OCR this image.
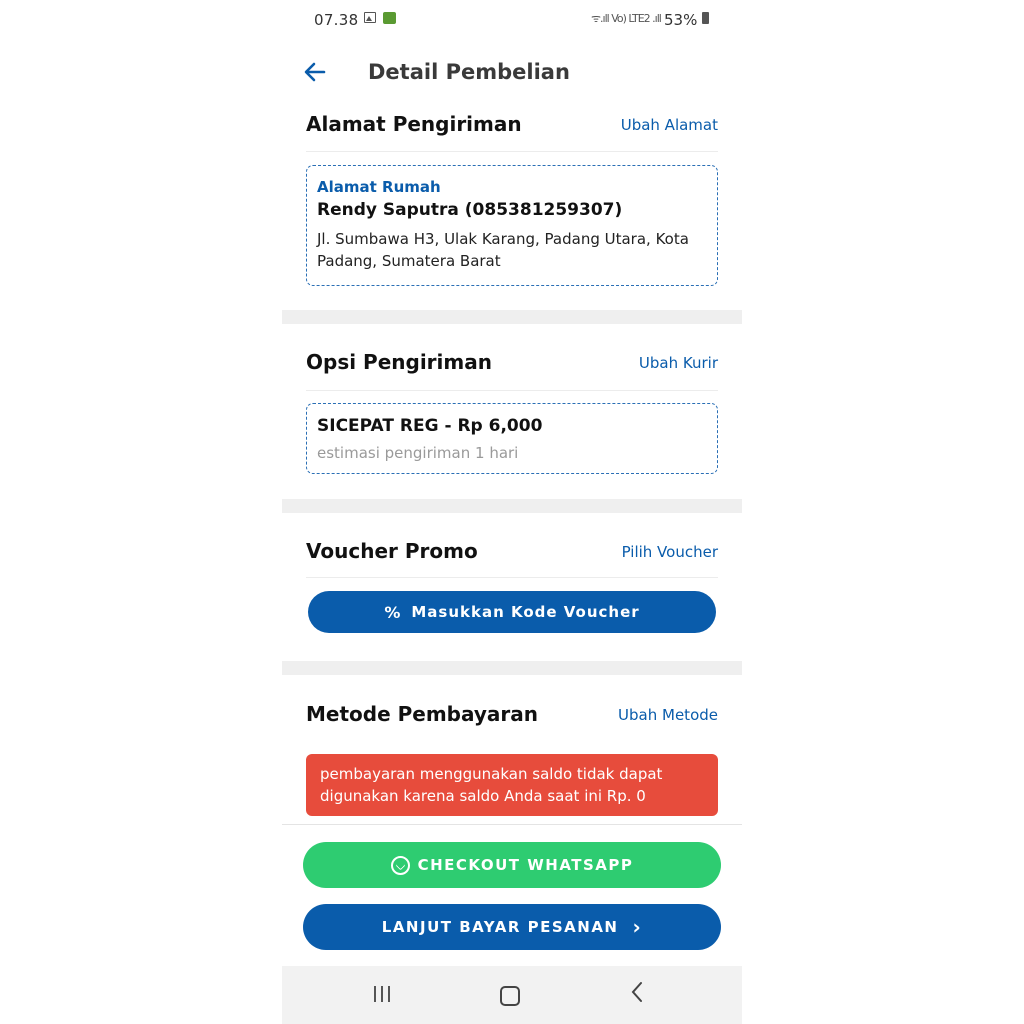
07.38	ᯤ.ıll Vo) LTE2 .ıll 53%
Detail Pembelian
Alamat Pengiriman	Ubah Alamat
Alamat Rumah
Rendy Saputra (085381259307)
Jl. Sumbawa H3, Ulak Karang, Padang Utara, Kota Padang, Sumatera Barat
Opsi Pengiriman	Ubah Kurir
SICEPAT REG - Rp 6,000
estimasi pengiriman 1 hari
Voucher Promo	Pilih Voucher
% Masukkan Kode Voucher
Metode Pembayaran	Ubah Metode
pembayaran menggunakan saldo tidak dapat digunakan karena saldo Anda saat ini Rp. 0
CHECKOUT WHATSAPP
LANJUT BAYAR PESANAN ›
